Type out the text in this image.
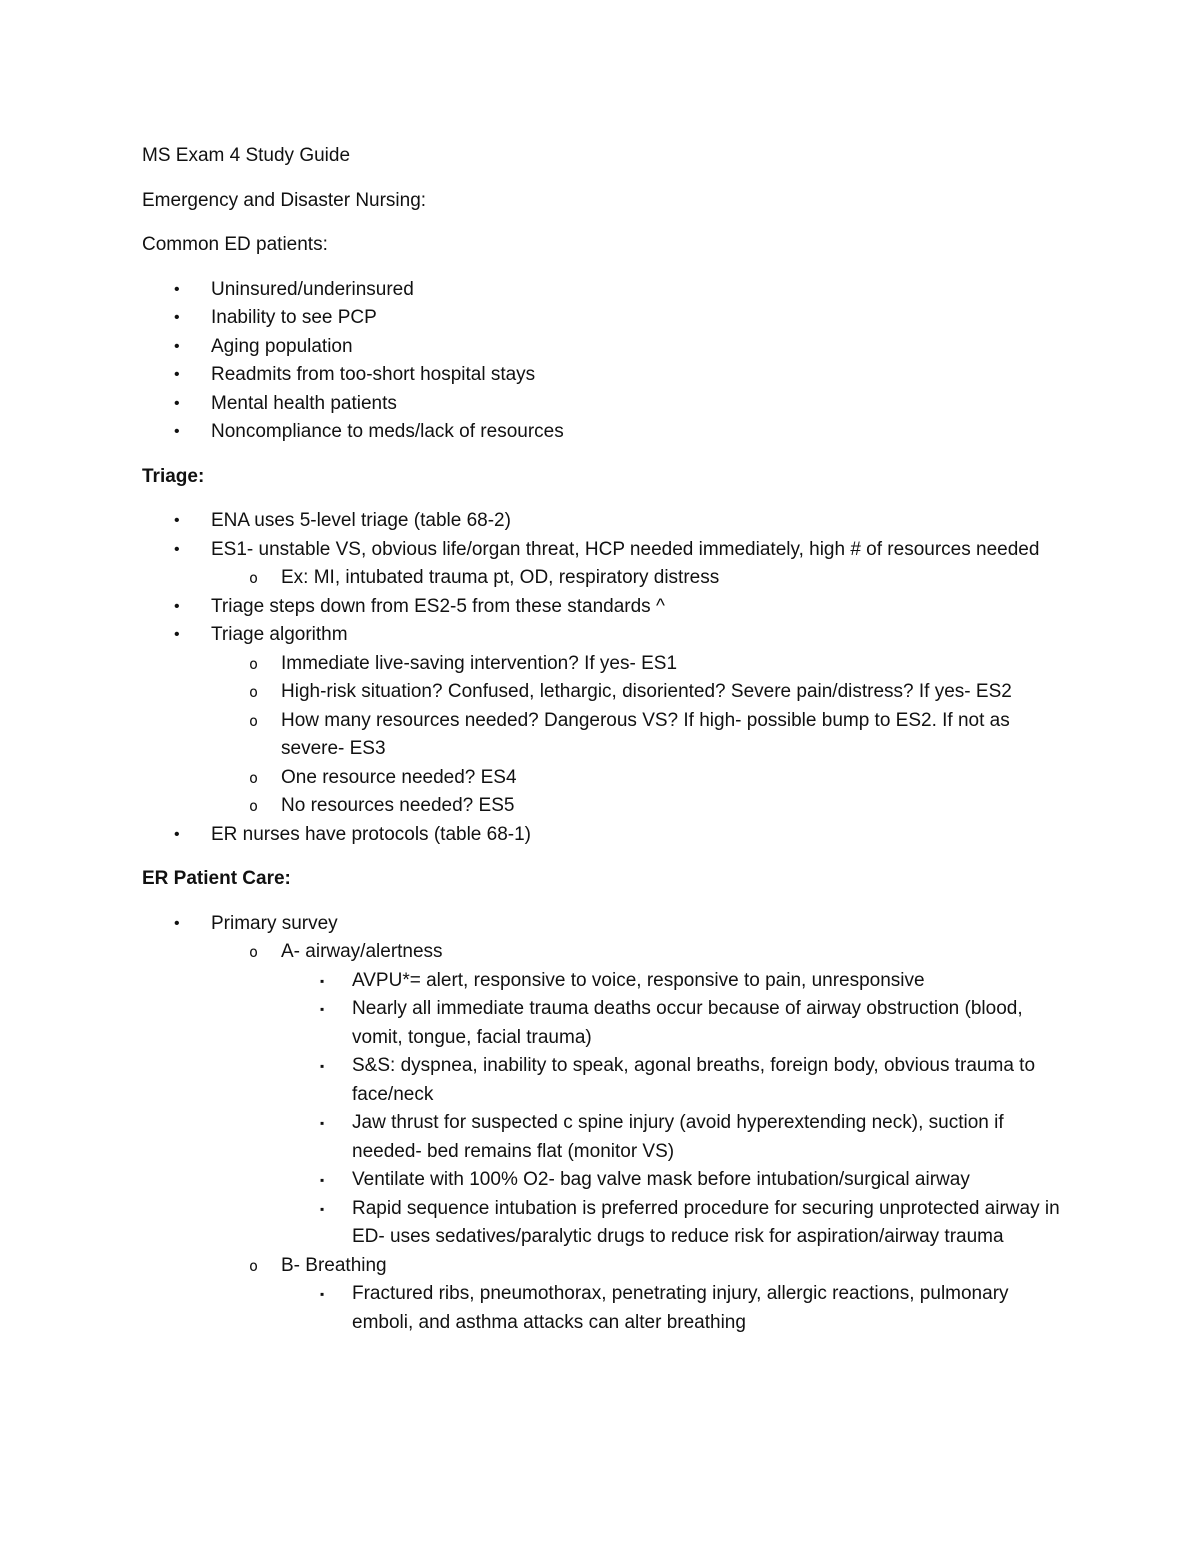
MS Exam 4 Study Guide

Emergency and Disaster Nursing:

Common ED patients:

• Uninsured/underinsured
• Inability to see PCP
• Aging population
• Readmits from too-short hospital stays
• Mental health patients
• Noncompliance to meds/lack of resources

Triage:

• ENA uses 5-level triage (table 68-2)
• ES1- unstable VS, obvious life/organ threat, HCP needed immediately, high # of resources needed
o Ex: MI, intubated trauma pt, OD, respiratory distress
• Triage steps down from ES2-5 from these standards ^
• Triage algorithm
o Immediate live-saving intervention? If yes- ES1
o High-risk situation? Confused, lethargic, disoriented? Severe pain/distress? If yes- ES2
o How many resources needed? Dangerous VS? If high- possible bump to ES2. If not as severe- ES3
o One resource needed? ES4
o No resources needed? ES5
• ER nurses have protocols (table 68-1)

ER Patient Care:

• Primary survey
o A- airway/alertness
▪ AVPU*= alert, responsive to voice, responsive to pain, unresponsive
▪ Nearly all immediate trauma deaths occur because of airway obstruction (blood, vomit, tongue, facial trauma)
▪ S&S: dyspnea, inability to speak, agonal breaths, foreign body, obvious trauma to face/neck
▪ Jaw thrust for suspected c spine injury (avoid hyperextending neck), suction if needed- bed remains flat (monitor VS)
▪ Ventilate with 100% O2- bag valve mask before intubation/surgical airway
▪ Rapid sequence intubation is preferred procedure for securing unprotected airway in ED- uses sedatives/paralytic drugs to reduce risk for aspiration/airway trauma
o B- Breathing
▪ Fractured ribs, pneumothorax, penetrating injury, allergic reactions, pulmonary emboli, and asthma attacks can alter breathing
